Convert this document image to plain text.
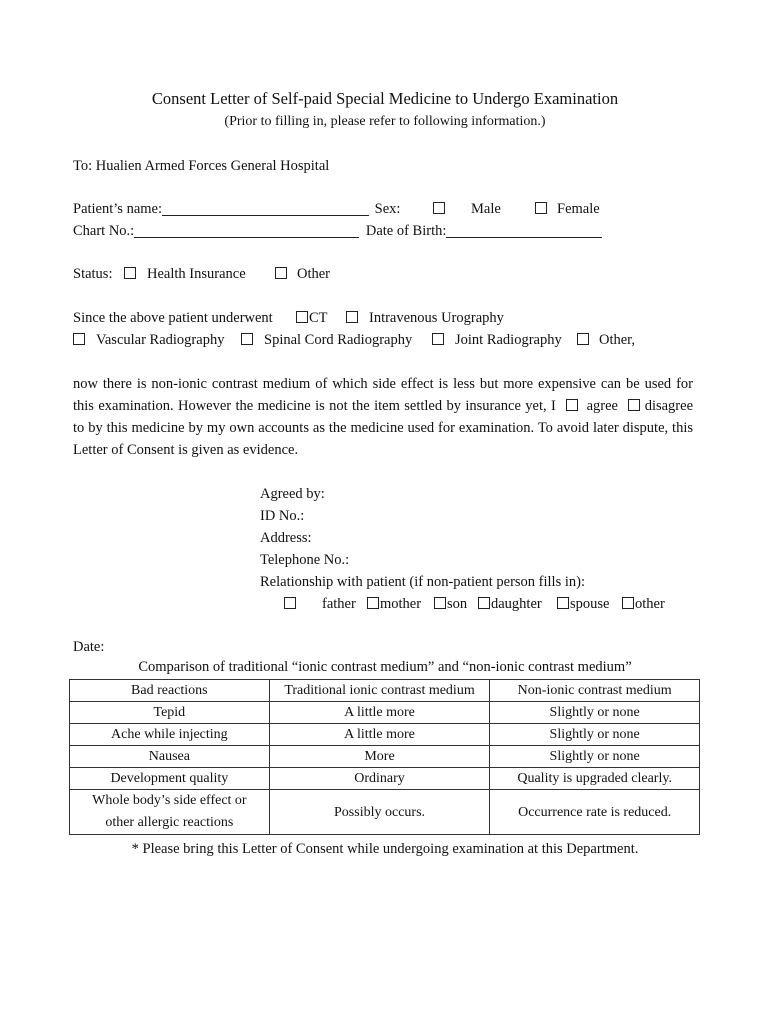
Consent Letter of Self-paid Special Medicine to Undergo Examination
(Prior to filling in, please refer to following information.)
To: Hualien Armed Forces General Hospital
Patient’s name:	Sex:	Male	Female
Chart No.:	Date of Birth:
Status: Health Insurance	Other
Since the above patient underwent	CT	Intravenous Urography
Vascular Radiography	Spinal Cord Radiography	Joint Radiography	Other,
now there is non-ionic contrast medium of which side effect is less but more expensive can be used for this examination. However the medicine is not the item settled by insurance yet, I agree disagree to by this medicine by my own accounts as the medicine used for examination. To avoid later dispute, this Letter of Consent is given as evidence.
Agreed by:
ID No.:
Address:
Telephone No.:
Relationship with patient (if non-patient person fills in):
father mother son daughter spouse other
Date:
Comparison of traditional “ionic contrast medium” and “non-ionic contrast medium”
Bad reactions	Traditional ionic contrast medium	Non-ionic contrast medium
Tepid	A little more	Slightly or none
Ache while injecting	A little more	Slightly or none
Nausea	More	Slightly or none
Development quality	Ordinary	Quality is upgraded clearly.
Whole body’s side effect or other allergic reactions	Possibly occurs.	Occurrence rate is reduced.
* Please bring this Letter of Consent while undergoing examination at this Department.
